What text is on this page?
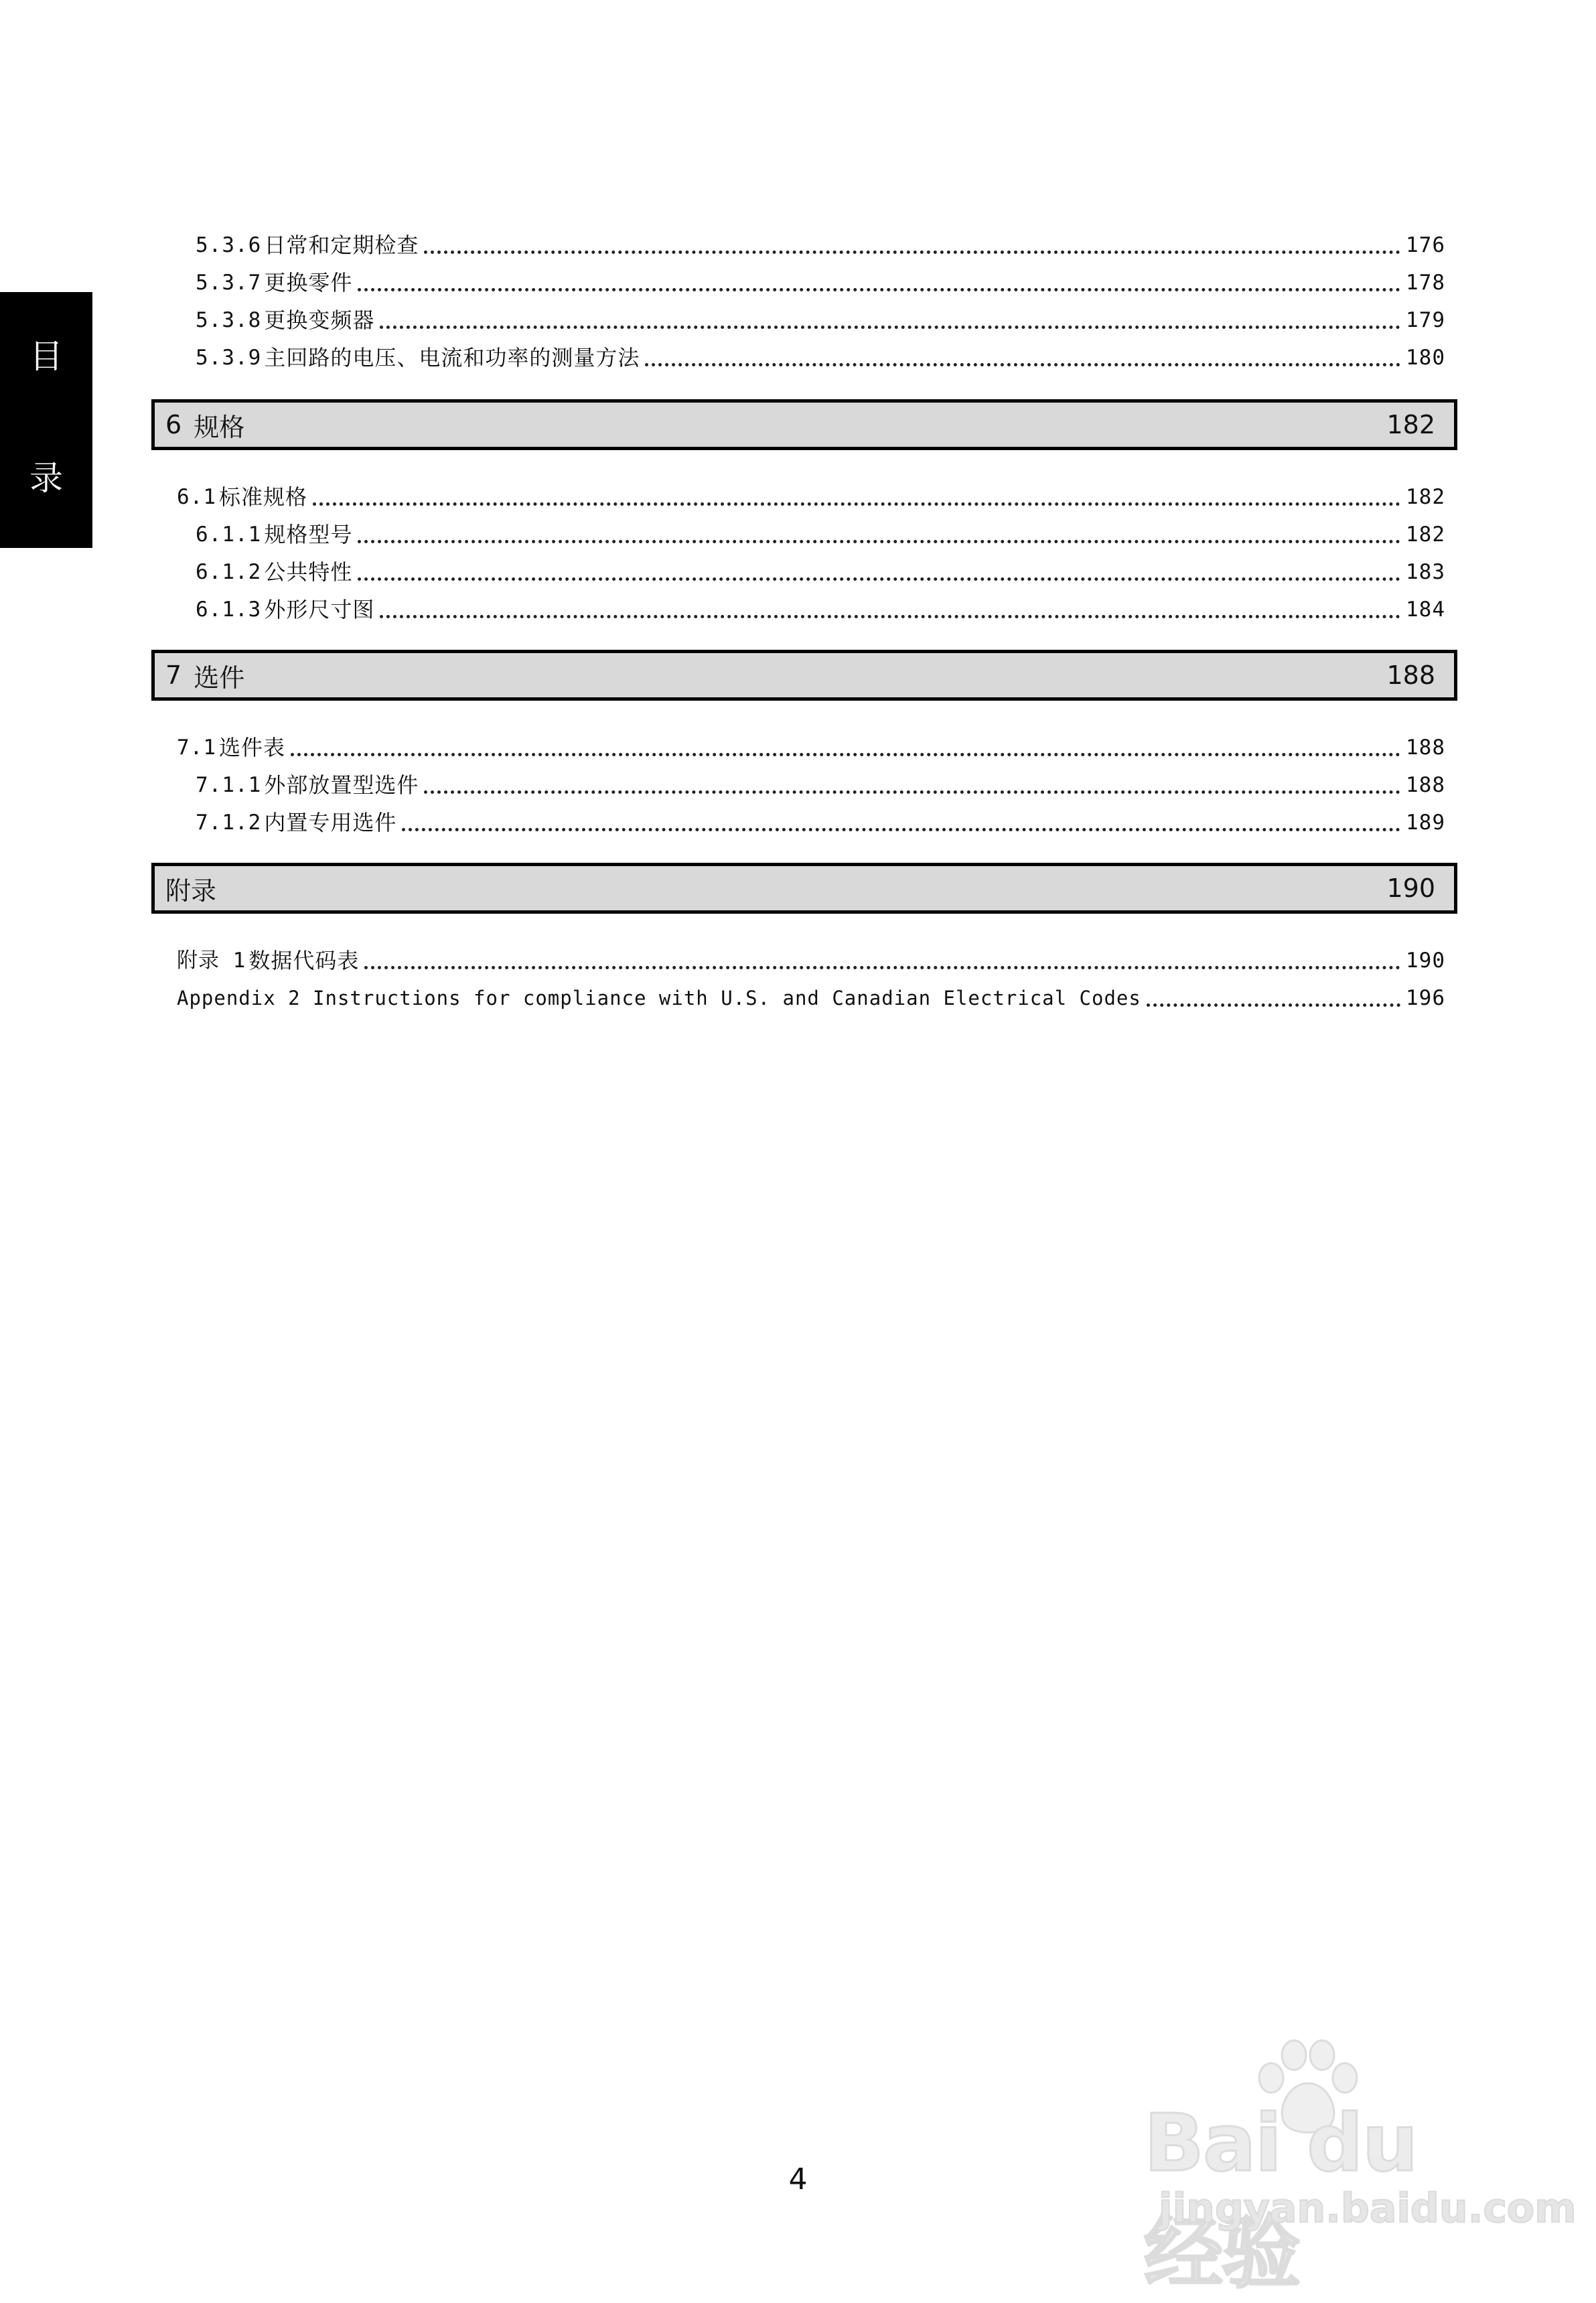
目
录
5.3.6 日常和定期检查	176
5.3.7 更换零件	178
5.3.8 更换变频器	179
5.3.9 主回路的电压、电流和功率的测量方法	180
6 规格	182
6.1 标准规格	182
6.1.1 规格型号	182
6.1.2 公共特性	183
6.1.3 外形尺寸图	184
7 选件	188
7.1 选件表	188
7.1.1 外部放置型选件	188
7.1.2 内置专用选件	189
附录	190
附录 1 数据代码表	190
Appendix 2 Instructions for compliance with U.S. and Canadian Electrical Codes	196
4	Bai du 经验
jingyan.baidu.com
